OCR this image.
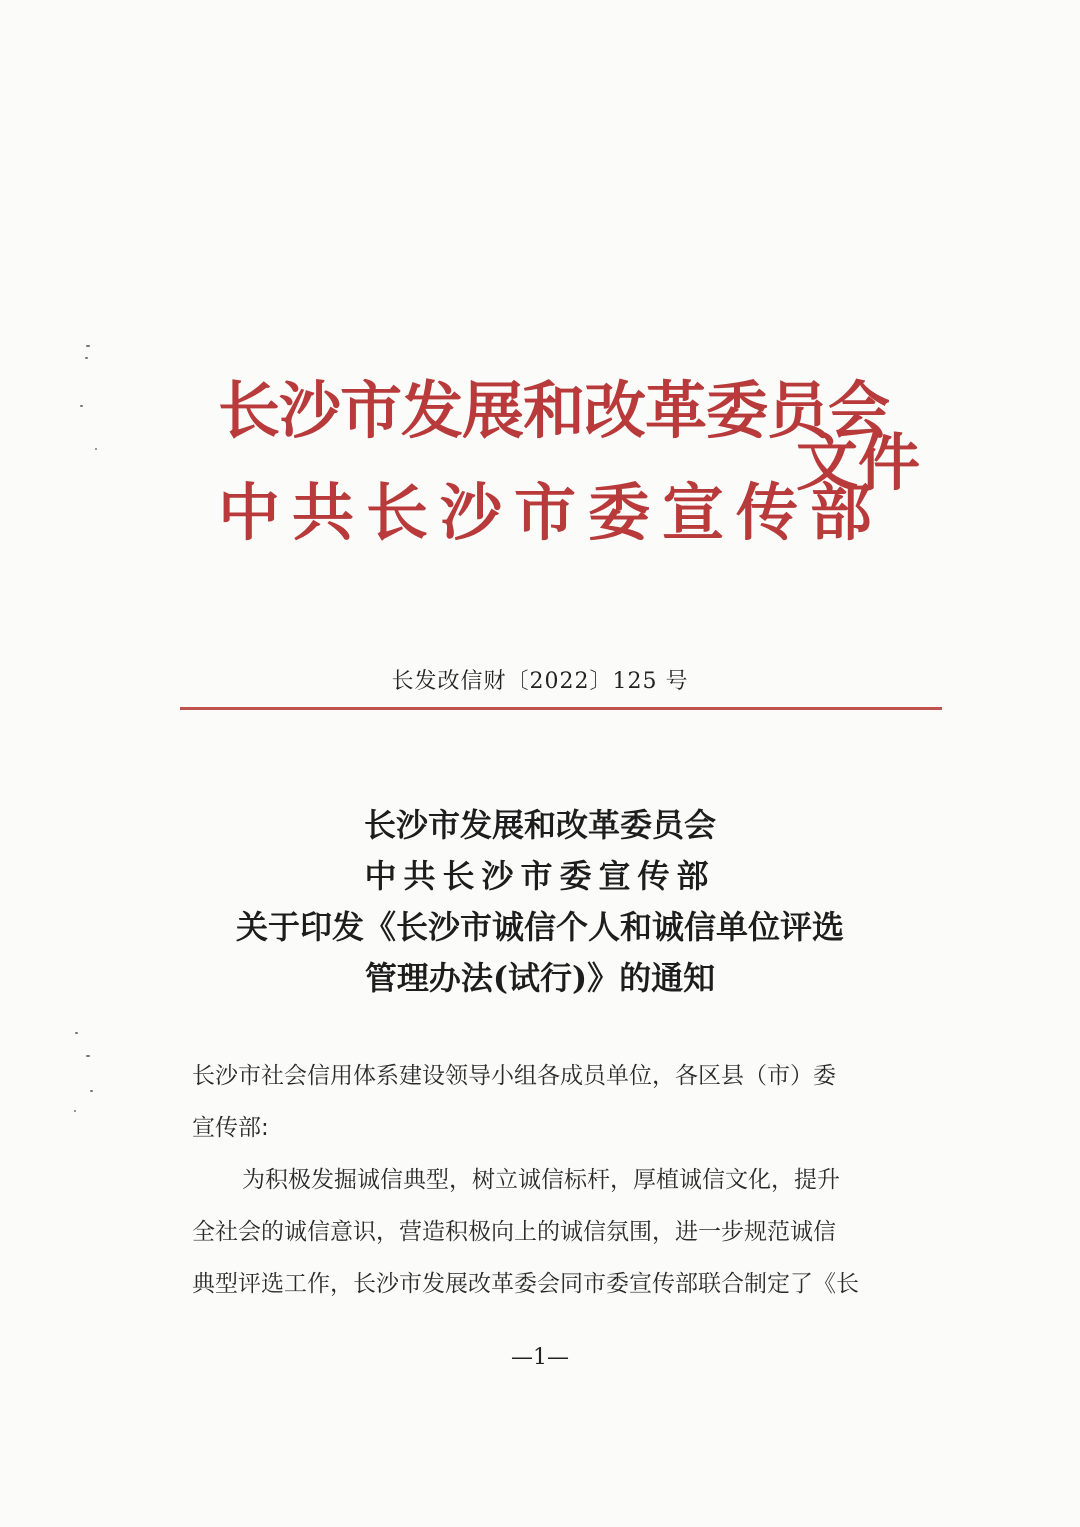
长沙市发展和改革委员会
中共长沙市委宣传部
文件
长发改信财〔2022〕125 号
长沙市发展和改革委员会
中共长沙市委宣传部
关于印发《长沙市诚信个人和诚信单位评选
管理办法(试行)》的通知
长沙市社会信用体系建设领导小组各成员单位，各区县（市）委
宣传部:
为积极发掘诚信典型，树立诚信标杆，厚植诚信文化，提升
全社会的诚信意识，营造积极向上的诚信氛围，进一步规范诚信
典型评选工作，长沙市发展改革委会同市委宣传部联合制定了《长
—1—
